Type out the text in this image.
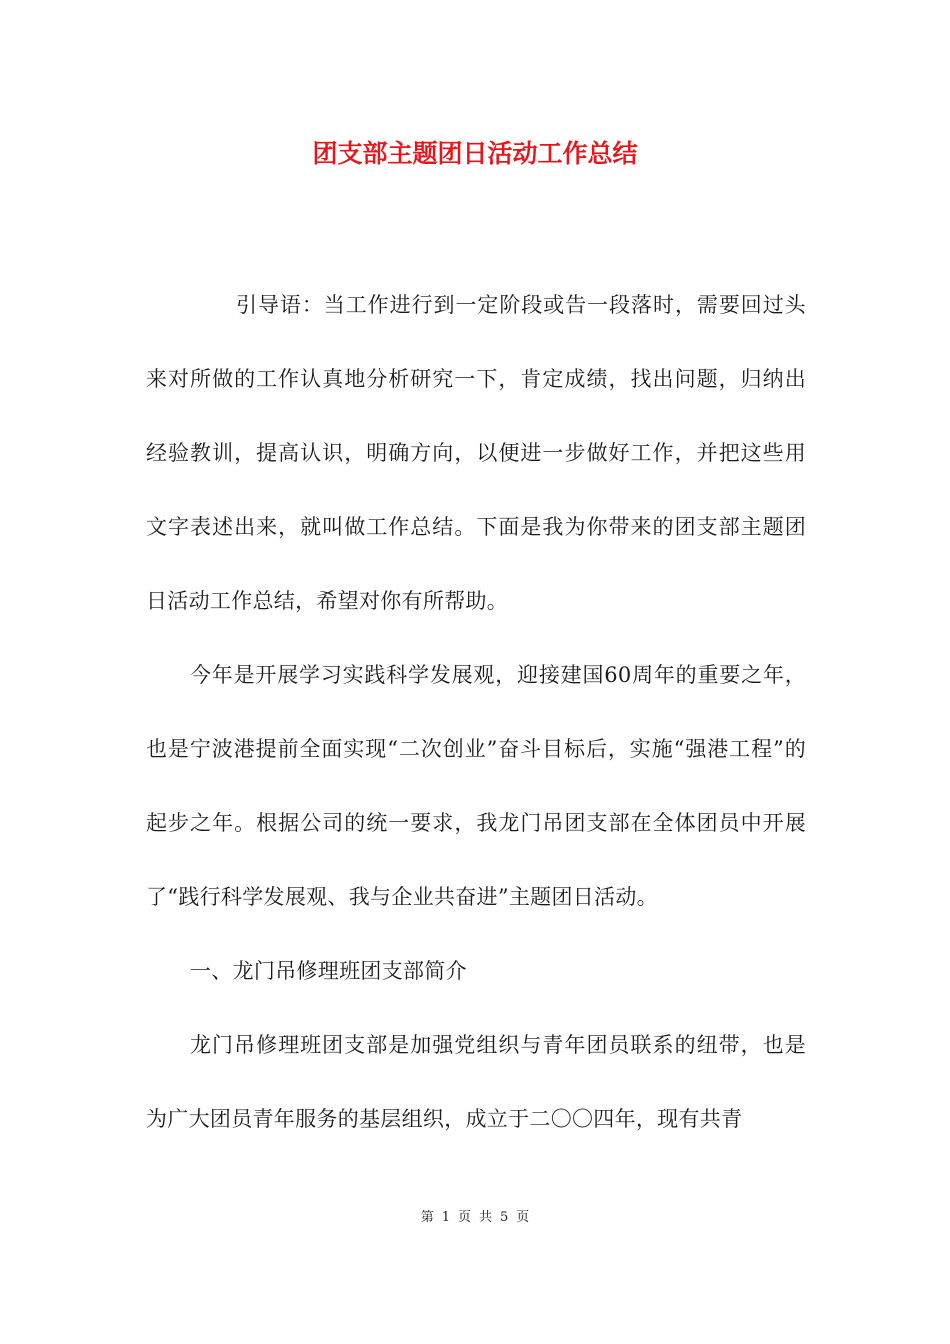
团支部主题团日活动工作总结

引导语：当工作进行到一定阶段或告一段落时，需要回过头来对所做的工作认真地分析研究一下，肯定成绩，找出问题，归纳出经验教训，提高认识，明确方向，以便进一步做好工作，并把这些用文字表述出来，就叫做工作总结。下面是我为你带来的团支部主题团日活动工作总结，希望对你有所帮助。

今年是开展学习实践科学发展观，迎接建国60周年的重要之年，也是宁波港提前全面实现“二次创业”奋斗目标后，实施“强港工程”的起步之年。根据公司的统一要求，我龙门吊团支部在全体团员中开展了“践行科学发展观、我与企业共奋进”主题团日活动。

一、龙门吊修理班团支部简介

龙门吊修理班团支部是加强党组织与青年团员联系的纽带，也是为广大团员青年服务的基层组织，成立于二〇〇四年，现有共青

第 1 页 共 5 页
